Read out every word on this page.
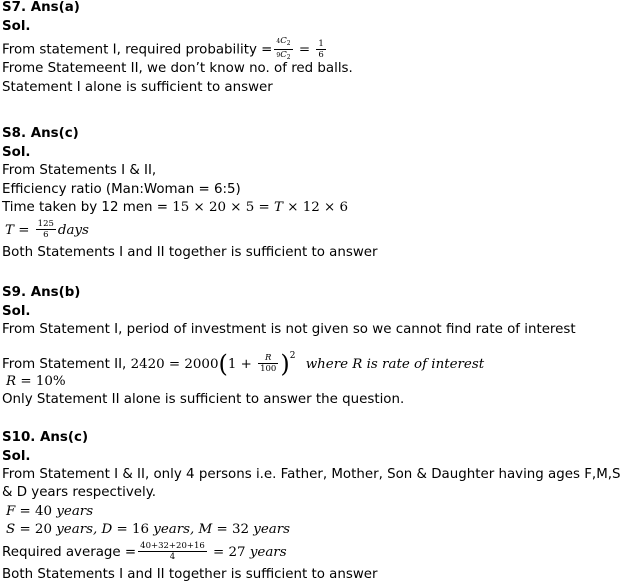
S7. Ans(a)
Sol.
From statement I, required probability = $\frac{4C_2}{9C_2} = \frac{1}{6}$
Frome Statemeent II, we don’t know no. of red balls.
Statement I alone is sufficient to answer
S8. Ans(c)
Sol.
From Statements I & II,
Efficiency ratio (Man:Woman = 6:5)
Time taken by 12 men = 15 × 20 × 5 = T × 12 × 6
$T = \frac{125}{6}$ days
Both Statements I and II together is sufficient to answer
S9. Ans(b)
Sol.
From Statement I, period of investment is not given so we cannot find rate of interest
From Statement II, $2420 = 2000(1 + \frac{R}{100} )^2$ where R is rate of interest
R = 10%
Only Statement II alone is sufficient to answer the question.
S10. Ans(c)
Sol.
From Statement I & II, only 4 persons i.e. Father, Mother, Son & Daughter having ages F,M,S & D years respectively.
F = 40 years
S = 20 years, D = 16 years, M = 32 years
Required average = $\frac{40+32+20+16}{4} = 27$ years
Both Statements I and II together is sufficient to answer
